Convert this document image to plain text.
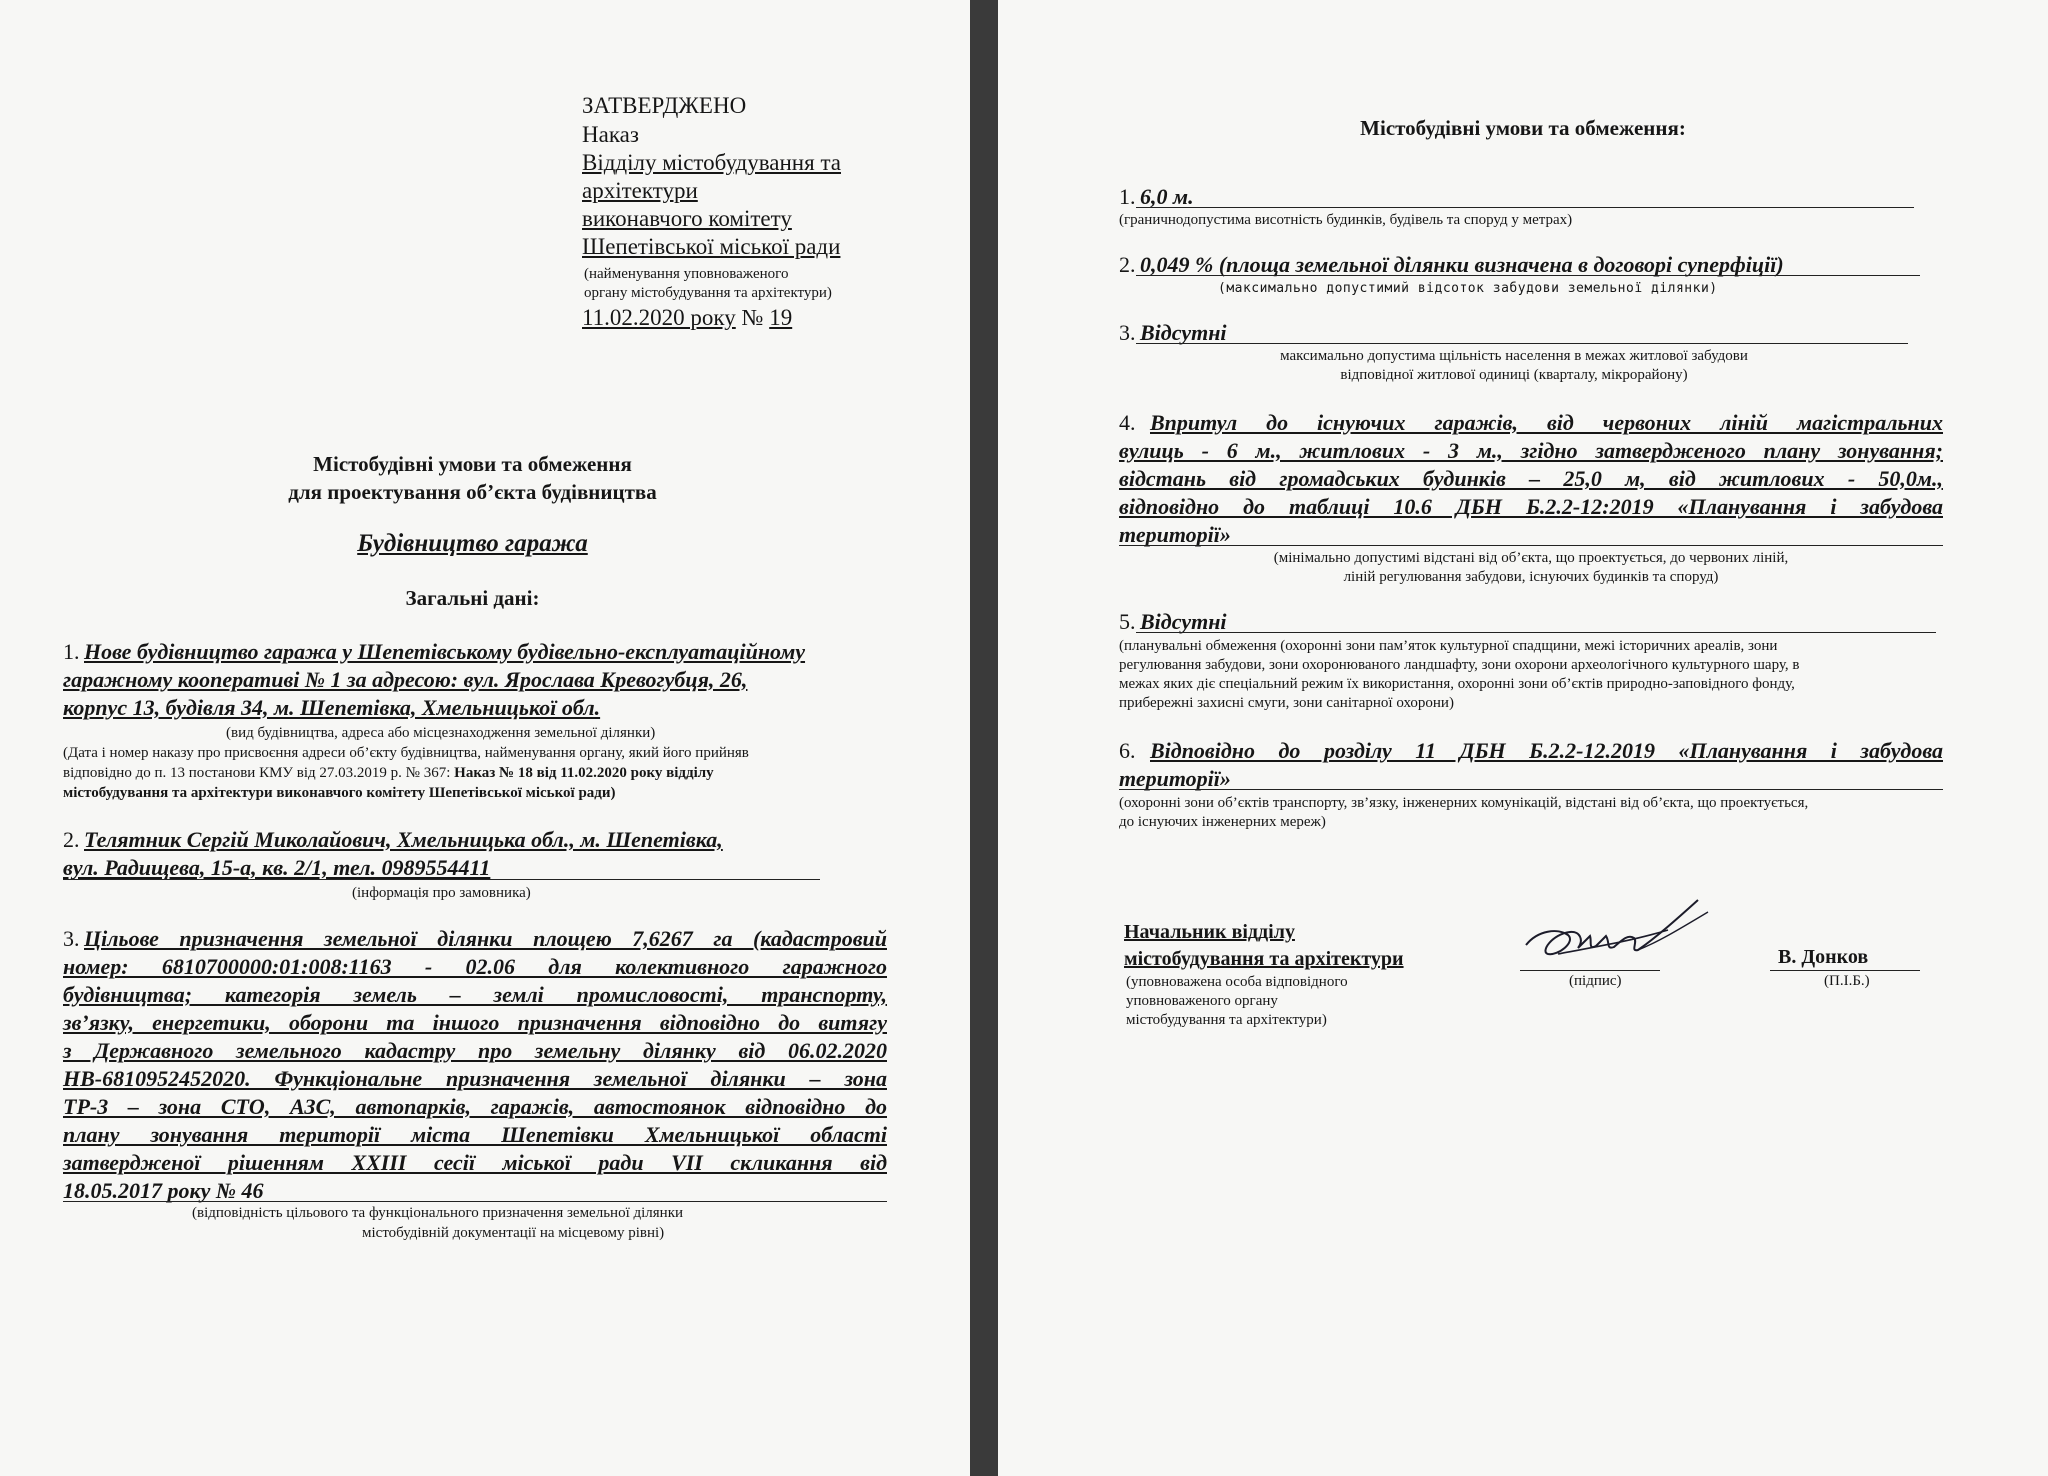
ЗАТВЕРДЖЕНО
Наказ
Відділу містобудування та
архітектури
виконавчого комітету
Шепетівської міської ради
(найменування уповноваженого
органу містобудування та архітектури)
11.02.2020 року № 19
Містобудівні умови та обмеження
для проектування об’єкта будівництва
Будівництво гаража
Загальні дані:
1. Нове будівництво гаража у Шепетівському будівельно-експлуатаційному
гаражному кооперативі № 1 за адресою: вул. Ярослава Кревогубця, 26,
корпус 13, будівля 34, м. Шепетівка, Хмельницької обл.
(вид будівництва, адреса або місцезнаходження земельної ділянки)
(Дата і номер наказу про присвоєння адреси об’єкту будівництва, найменування органу, який його прийняв
відповідно до п. 13 постанови КМУ від 27.03.2019 р. № 367: Наказ № 18 від 11.02.2020 року відділу
містобудування та архітектури виконавчого комітету Шепетівської міської ради)
2. Телятник Сергій Миколайович, Хмельницька обл., м. Шепетівка,
вул. Радищева, 15-а, кв. 2/1, тел. 0989554411
(інформація про замовника)
3. Цільове призначення земельної ділянки площею 7,6267 га (кадастровий
номер: 6810700000:01:008:1163 - 02.06 для колективного гаражного
будівництва; категорія земель – землі промисловості, транспорту,
зв’язку, енергетики, оборони та іншого призначення відповідно до витягу
з Державного земельного кадастру про земельну ділянку від 06.02.2020
НВ-6810952452020. Функціональне призначення земельної ділянки – зона
ТР-3 – зона СТО, АЗС, автопарків, гаражів, автостоянок відповідно до
плану зонування території міста Шепетівки Хмельницької області
затвердженої рішенням ХХІІІ сесії міської ради VІІ скликання від
18.05.2017 року № 46
(відповідність цільового та функціонального призначення земельної ділянки
містобудівній документації на місцевому рівні)
Містобудівні умови та обмеження:
1. 6,0 м.
(граничнодопустима висотність будинків, будівель та споруд у метрах)
2. 0,049 % (площа земельної ділянки визначена в договорі суперфіції)
(максимально допустимий відсоток забудови земельної ділянки)
3. Відсутні
максимально допустима щільність населення в межах житлової забудови
відповідної житлової одиниці (кварталу, мікрорайону)
4. Впритул до існуючих гаражів, від червоних ліній магістральних
вулиць - 6 м., житлових - 3 м., згідно затвердженого плану зонування;
відстань від громадських будинків – 25,0 м, від житлових - 50,0м.,
відповідно до таблиці 10.6 ДБН Б.2.2-12:2019 «Планування і забудова
території»
(мінімально допустимі відстані від об’єкта, що проектується, до червоних ліній,
ліній регулювання забудови, існуючих будинків та споруд)
5. Відсутні
(планувальні обмеження (охоронні зони пам’яток культурної спадщини, межі історичних ареалів, зони
регулювання забудови, зони охоронюваного ландшафту, зони охорони археологічного культурного шару, в
межах яких діє спеціальний режим їх використання, охоронні зони об’єктів природно-заповідного фонду,
прибережні захисні смуги, зони санітарної охорони)
6. Відповідно до розділу 11 ДБН Б.2.2-12.2019 «Планування і забудова
території»
(охоронні зони об’єктів транспорту, зв’язку, інженерних комунікацій, відстані від об’єкта, що проектується,
до існуючих інженерних мереж)
Начальник відділу
містобудування та архітектури
(уповноважена особа відповідного
уповноваженого органу
містобудування та архітектури)
(підпис)
В. Донков
(П.І.Б.)
